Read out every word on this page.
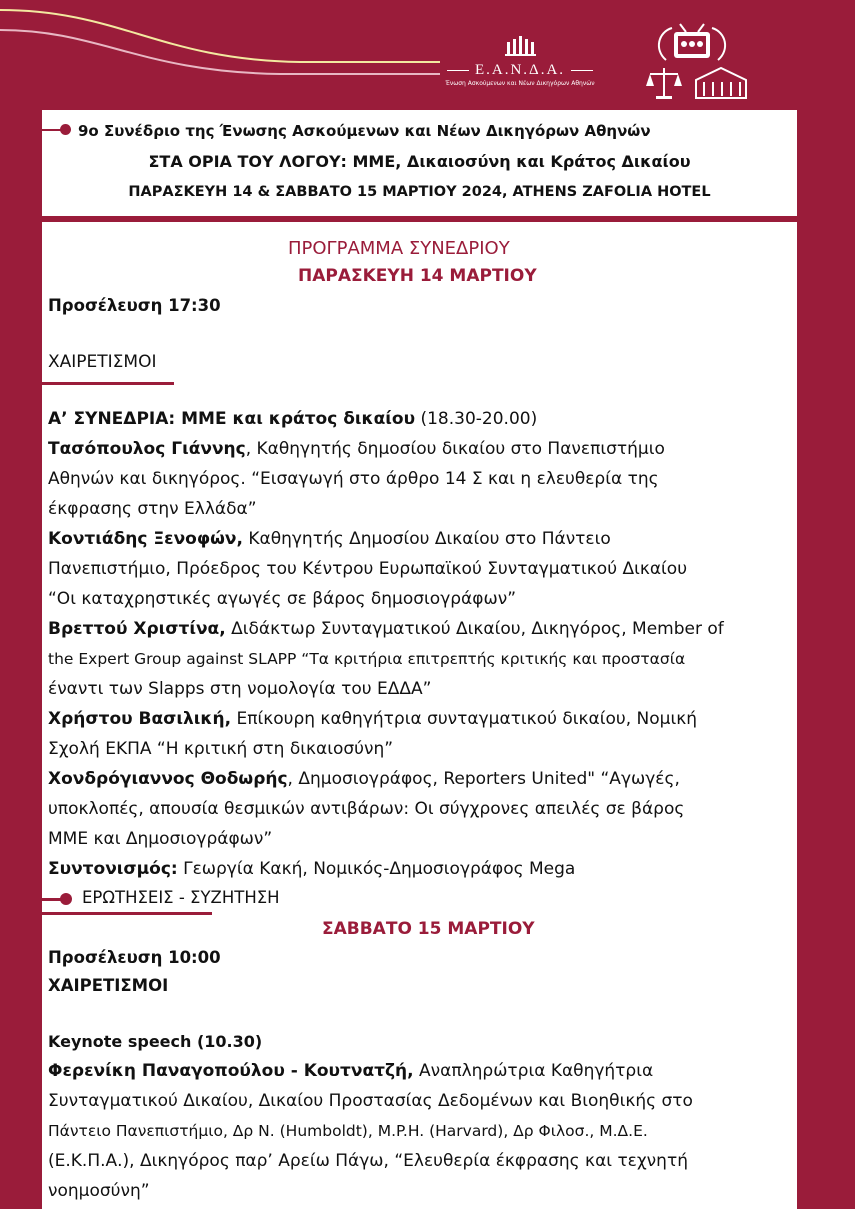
Ε.Α.Ν.Δ.Α.
Ένωση Ασκούμενων και Νέων Δικηγόρων Αθηνών
9ο Συνέδριο της Ένωσης Ασκούμενων και Νέων Δικηγόρων Αθηνών
ΣΤΑ ΟΡΙΑ ΤΟΥ ΛΟΓΟΥ: ΜΜΕ, Δικαιοσύνη και Κράτος Δικαίου
ΠΑΡΑΣΚΕΥΗ 14 & ΣΑΒΒΑΤΟ 15 ΜΑΡΤΙΟΥ 2024, ATHENS ZAFOLIA HOTEL
ΠΡΟΓΡΑΜΜΑ ΣΥΝΕΔΡΙΟΥ
ΠΑΡΑΣΚΕΥΗ 14 ΜΑΡΤΙΟΥ
Προσέλευση 17:30
ΧΑΙΡΕΤΙΣΜΟΙ
Α’ ΣΥΝΕΔΡΙΑ: ΜΜΕ και κράτος δικαίου (18.30-20.00)
Τασόπουλος Γιάννης, Καθηγητής δημοσίου δικαίου στο Πανεπιστήμιο
Αθηνών και δικηγόρος. “Εισαγωγή στο άρθρο 14 Σ και η ελευθερία της
έκφρασης στην Ελλάδα”
Κοντιάδης Ξενοφών, Καθηγητής Δημοσίου Δικαίου στο Πάντειο
Πανεπιστήμιο, Πρόεδρος του Κέντρου Ευρωπαϊκού Συνταγματικού Δικαίου
“Οι καταχρηστικές αγωγές σε βάρος δημοσιογράφων”
Βρεττού Χριστίνα, Διδάκτωρ Συνταγματικού Δικαίου, Δικηγόρος, Member of
the Expert Group against SLAPP “Τα κριτήρια επιτρεπτής κριτικής και προστασία
έναντι των Slapps στη νομολογία του ΕΔΔΑ”
Χρήστου Βασιλική, Επίκουρη καθηγήτρια συνταγματικού δικαίου, Νομική
Σχολή ΕΚΠΑ “Η κριτική στη δικαιοσύνη”
Χονδρόγιαννος Θοδωρής, Δημοσιογράφος, Reporters United" “Αγωγές,
υποκλοπές, απουσία θεσμικών αντιβάρων: Οι σύγχρονες απειλές σε βάρος
ΜΜΕ και Δημοσιογράφων”
Συντονισμός: Γεωργία Κακή, Νομικός-Δημοσιογράφος Mega
ΕΡΩΤΗΣΕΙΣ - ΣΥΖΗΤΗΣΗ
ΣΑΒΒΑΤΟ 15 ΜΑΡΤΙΟΥ
Προσέλευση 10:00
ΧΑΙΡΕΤΙΣΜΟΙ
Keynote speech (10.30)
Φερενίκη Παναγοπούλου - Κουτνατζή, Αναπληρώτρια Καθηγήτρια
Συνταγματικού Δικαίου, Δικαίου Προστασίας Δεδομένων και Βιοηθικής στο
Πάντειο Πανεπιστήμιο, Δρ Ν. (Humboldt), M.P.H. (Harvard), Δρ Φιλοσ., Μ.Δ.Ε.
(Ε.Κ.Π.Α.), Δικηγόρος παρ’ Αρείω Πάγω, “Ελευθερία έκφρασης και τεχνητή
νοημοσύνη”
